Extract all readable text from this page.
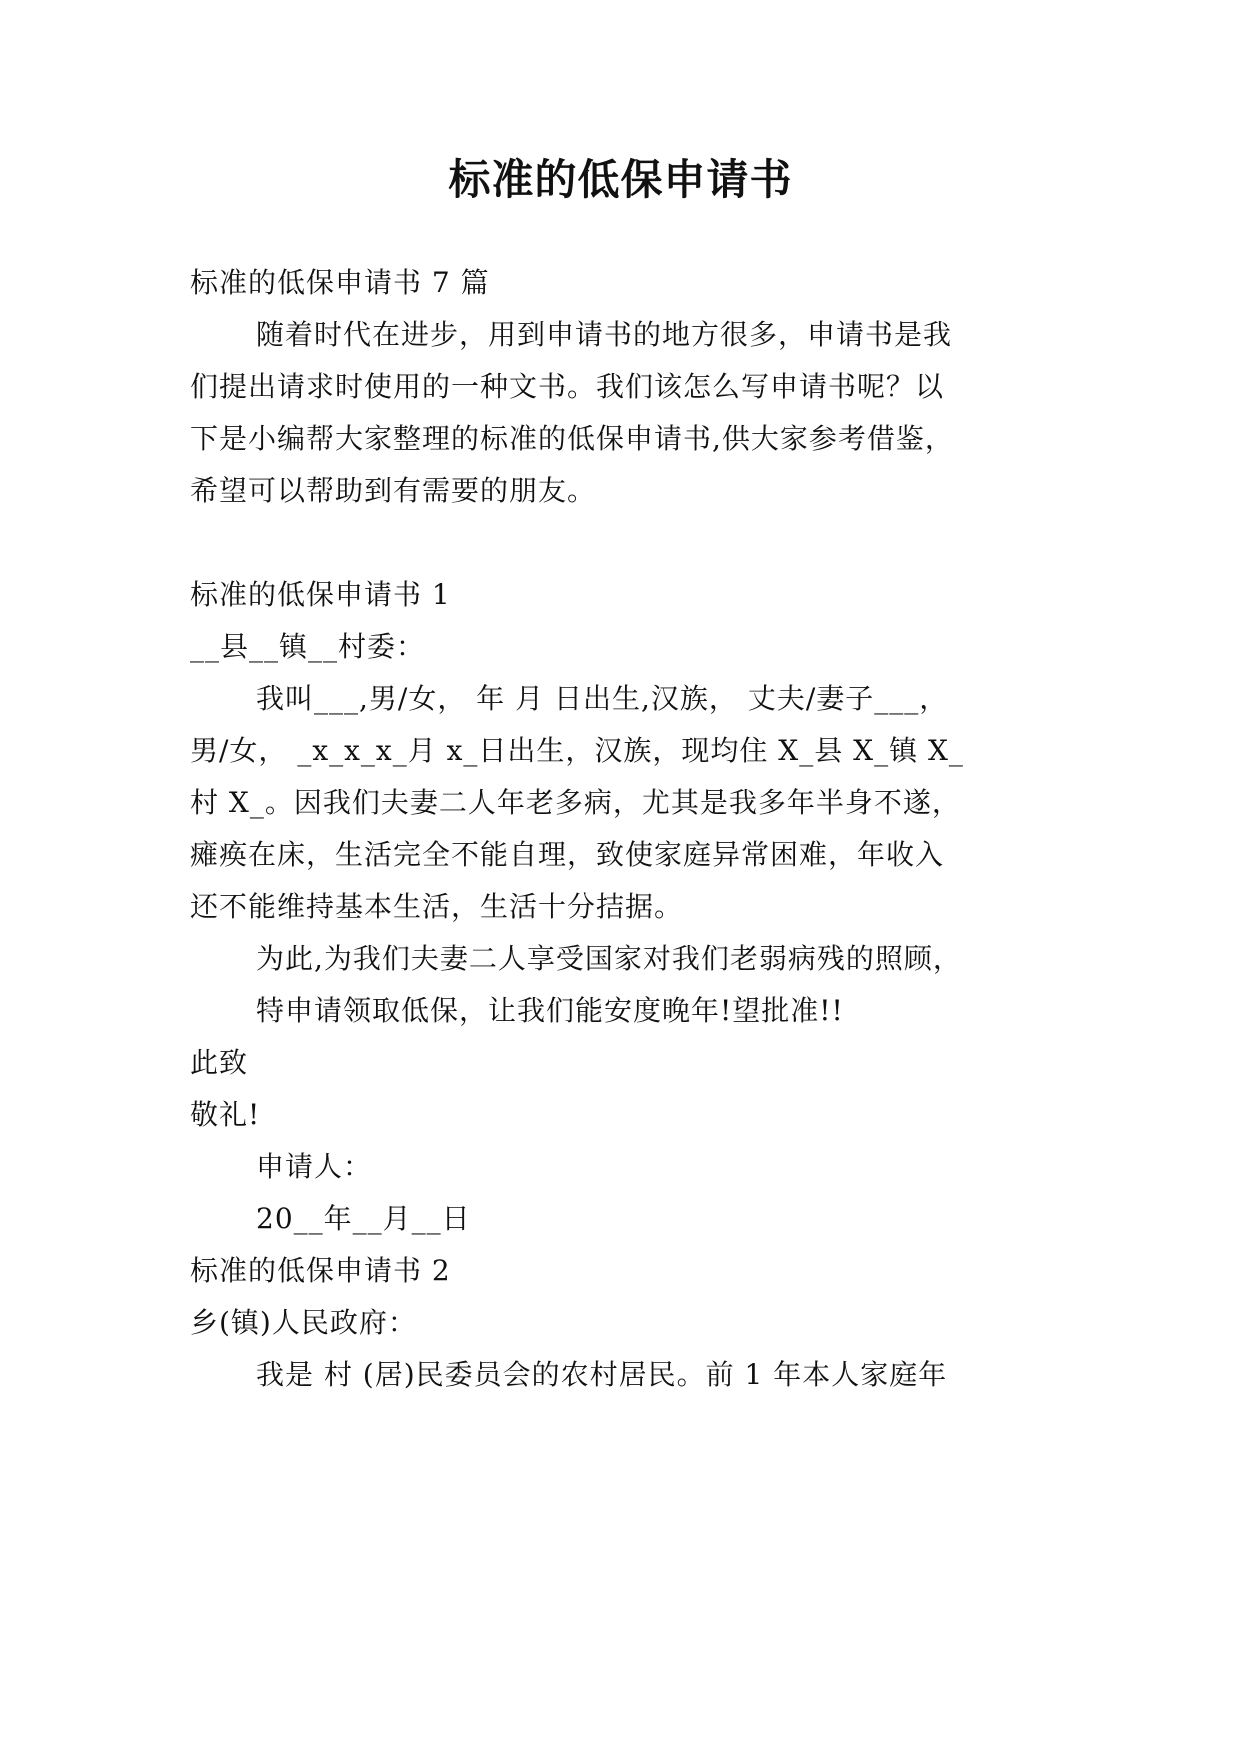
标准的低保申请书
标准的低保申请书 7 篇
随着时代在进步，用到申请书的地方很多，申请书是我
们提出请求时使用的一种文书。我们该怎么写申请书呢？以
下是小编帮大家整理的标准的低保申请书,供大家参考借鉴，
希望可以帮助到有需要的朋友。
标准的低保申请书 1
__县__镇__村委：
我叫___,男/女， 年 月 日出生,汉族， 丈夫/妻子___，
男/女， _x_x_x_月 x_日出生，汉族，现均住 X_县 X_镇 X_
村 X_。因我们夫妻二人年老多病，尤其是我多年半身不遂，
瘫痪在床，生活完全不能自理，致使家庭异常困难，年收入
还不能维持基本生活，生活十分拮据。
为此,为我们夫妻二人享受国家对我们老弱病残的照顾，
特申请领取低保，让我们能安度晚年!望批准!!
此致
敬礼!
申请人：
20__年__月__日
标准的低保申请书 2
乡(镇)人民政府：
我是 村 (居)民委员会的农村居民。前 1 年本人家庭年
